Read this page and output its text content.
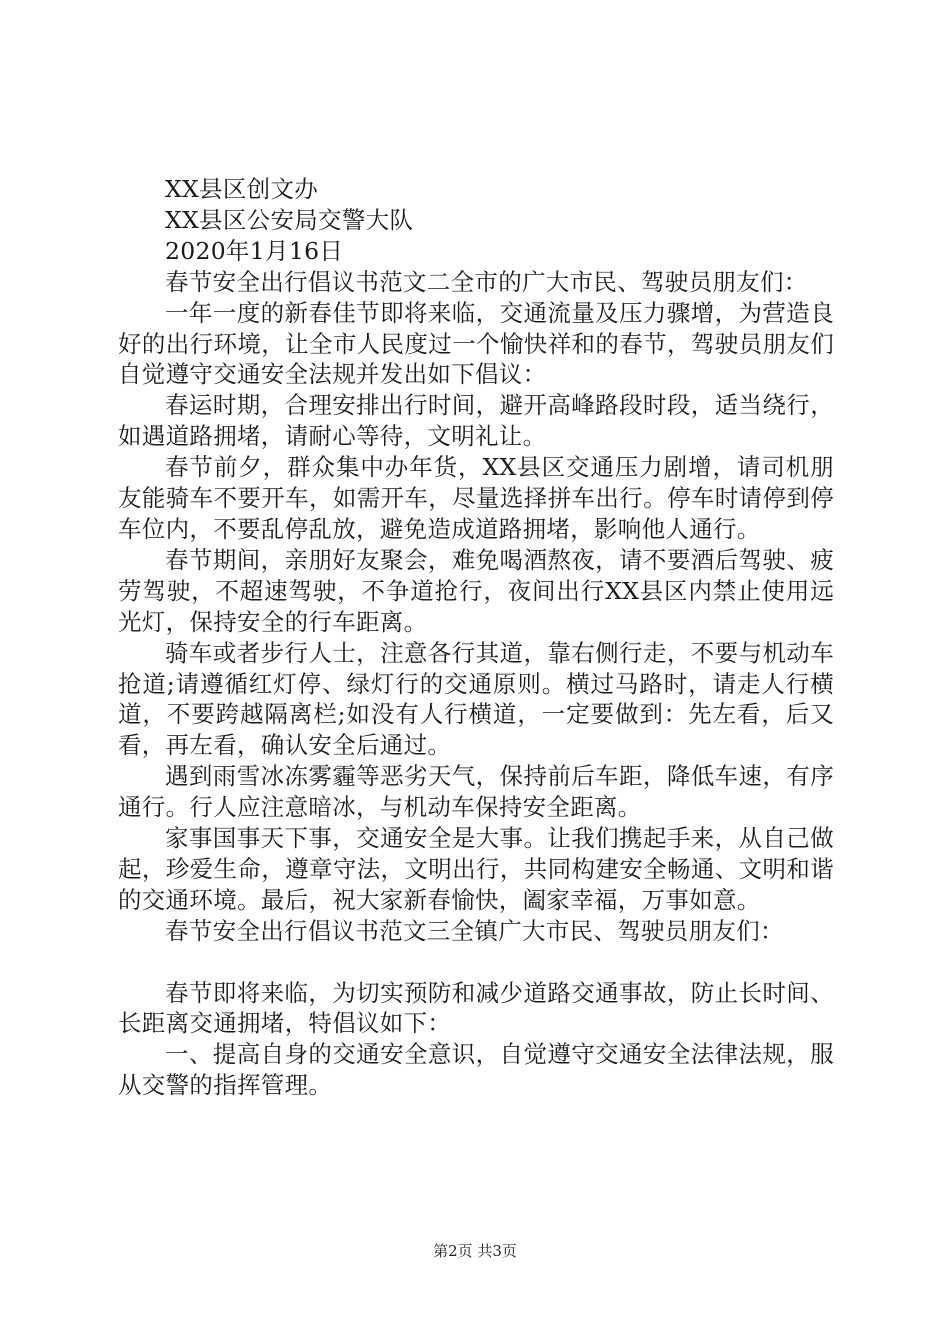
XX县区创文办

XX县区公安局交警大队

2020年1月16日

春节安全出行倡议书范文二全市的广大市民、驾驶员朋友们：

一年一度的新春佳节即将来临，交通流量及压力骤增，为营造良好的出行环境，让全市人民度过一个愉快祥和的春节，驾驶员朋友们自觉遵守交通安全法规并发出如下倡议：

春运时期，合理安排出行时间，避开高峰路段时段，适当绕行，如遇道路拥堵，请耐心等待，文明礼让。

春节前夕，群众集中办年货，XX县区交通压力剧增，请司机朋友能骑车不要开车，如需开车，尽量选择拼车出行。停车时请停到停车位内，不要乱停乱放，避免造成道路拥堵，影响他人通行。

春节期间，亲朋好友聚会，难免喝酒熬夜，请不要酒后驾驶、疲劳驾驶，不超速驾驶，不争道抢行，夜间出行XX县区内禁止使用远光灯，保持安全的行车距离。

骑车或者步行人士，注意各行其道，靠右侧行走，不要与机动车抢道;请遵循红灯停、绿灯行的交通原则。横过马路时，请走人行横道，不要跨越隔离栏;如没有人行横道，一定要做到：先左看，后又看，再左看，确认安全后通过。

遇到雨雪冰冻雾霾等恶劣天气，保持前后车距，降低车速，有序通行。行人应注意暗冰，与机动车保持安全距离。

家事国事天下事，交通安全是大事。让我们携起手来，从自己做起，珍爱生命，遵章守法，文明出行，共同构建安全畅通、文明和谐的交通环境。最后，祝大家新春愉快，阖家幸福，万事如意。

春节安全出行倡议书范文三全镇广大市民、驾驶员朋友们：

春节即将来临，为切实预防和减少道路交通事故，防止长时间、长距离交通拥堵，特倡议如下：

一、提高自身的交通安全意识，自觉遵守交通安全法律法规，服从交警的指挥管理。

第2页 共3页
